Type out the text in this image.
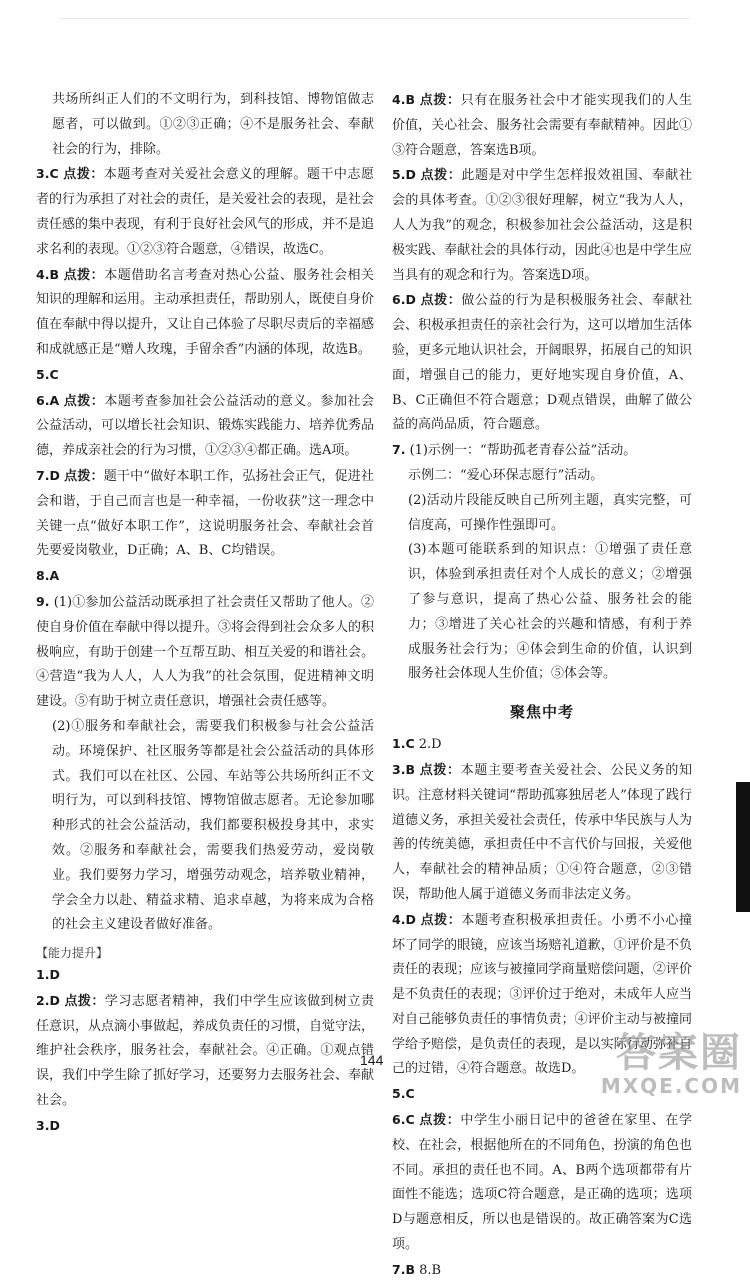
共场所纠正人们的不文明行为，到科技馆、博物馆做志愿者，可以做到。①②③正确；④不是服务社会、奉献社会的行为，排除。

3.C 点拨：本题考查对关爱社会意义的理解。题干中志愿者的行为承担了对社会的责任，是关爱社会的表现，是社会责任感的集中表现，有利于良好社会风气的形成，并不是追求名利的表现。①②③符合题意，④错误，故选C。

4.B 点拨：本题借助名言考查对热心公益、服务社会相关知识的理解和运用。主动承担责任，帮助别人，既使自身价值在奉献中得以提升，又让自己体验了尽职尽责后的幸福感和成就感正是“赠人玫瑰，手留余香”内涵的体现，故选B。

5.C

6.A 点拨：本题考查参加社会公益活动的意义。参加社会公益活动，可以增长社会知识、锻炼实践能力、培养优秀品德，养成亲社会的行为习惯，①②③④都正确。选A项。

7.D 点拨：题干中“做好本职工作，弘扬社会正气，促进社会和谐，于自己而言也是一种幸福，一份收获”这一理念中关键一点“做好本职工作”，这说明服务社会、奉献社会首先要爱岗敬业，D正确；A、B、C均错误。

8.A

9. (1)①参加公益活动既承担了社会责任又帮助了他人。②使自身价值在奉献中得以提升。③将会得到社会众多人的积极响应，有助于创建一个互帮互助、相互关爱的和谐社会。④营造“我为人人，人人为我”的社会氛围，促进精神文明建设。⑤有助于树立责任意识，增强社会责任感等。

(2)①服务和奉献社会，需要我们积极参与社会公益活动。环境保护、社区服务等都是社会公益活动的具体形式。我们可以在社区、公园、车站等公共场所纠正不文明行为，可以到科技馆、博物馆做志愿者。无论参加哪种形式的社会公益活动，我们都要积极投身其中，求实效。②服务和奉献社会，需要我们热爱劳动，爱岗敬业。我们要努力学习，增强劳动观念，培养敬业精神，学会全力以赴、精益求精、追求卓越，为将来成为合格的社会主义建设者做好准备。

【能力提升】

1.D

2.D 点拨：学习志愿者精神，我们中学生应该做到树立责任意识，从点滴小事做起，养成负责任的习惯，自觉守法，维护社会秩序，服务社会，奉献社会。④正确。①观点错误，我们中学生除了抓好学习，还要努力去服务社会、奉献社会。

3.D

4.B 点拨：只有在服务社会中才能实现我们的人生价值，关心社会、服务社会需要有奉献精神。因此①③符合题意，答案选B项。

5.D 点拨：此题是对中学生怎样报效祖国、奉献社会的具体考查。①②③很好理解，树立“我为人人，人人为我”的观念，积极参加社会公益活动，这是积极实践、奉献社会的具体行动，因此④也是中学生应当具有的观念和行为。答案选D项。

6.D 点拨：做公益的行为是积极服务社会、奉献社会、积极承担责任的亲社会行为，这可以增加生活体验，更多元地认识社会，开阔眼界，拓展自己的知识面，增强自己的能力，更好地实现自身价值，A、B、C正确但不符合题意；D观点错误，曲解了做公益的高尚品质，符合题意。

7. (1)示例一：“帮助孤老青春公益”活动。

示例二：“爱心环保志愿行”活动。

(2)活动片段能反映自己所列主题，真实完整，可信度高，可操作性强即可。

(3)本题可能联系到的知识点：①增强了责任意识，体验到承担责任对个人成长的意义；②增强了参与意识，提高了热心公益、服务社会的能力；③增进了关心社会的兴趣和情感，有利于养成服务社会行为；④体会到生命的价值，认识到服务社会体现人生价值；⑤体会等。

聚焦中考

1.C 2.D

3.B 点拨：本题主要考查关爱社会、公民义务的知识。注意材料关键词“帮助孤寡独居老人”体现了践行道德义务，承担关爱社会责任，传承中华民族与人为善的传统美德，承担责任中不言代价与回报，关爱他人，奉献社会的精神品质；①④符合题意，②③错误，帮助他人属于道德义务而非法定义务。

4.D 点拨：本题考查积极承担责任。小勇不小心撞坏了同学的眼镜，应该当场赔礼道歉，①评价是不负责任的表现；应该与被撞同学商量赔偿问题，②评价是不负责任的表现；③评价过于绝对，未成年人应当对自己能够负责任的事情负责；④评价主动与被撞同学给予赔偿，是负责任的表现，是以实际行动弥补自己的过错，④符合题意。故选D。

5.C

6.C 点拨：中学生小丽日记中的爸爸在家里、在学校、在社会，根据他所在的不同角色，扮演的角色也不同。承担的责任也不同。A、B两个选项都带有片面性不能选；选项C符合题意，是正确的选项；选项D与题意相反，所以也是错误的。故正确答案为C选项。

7.B 8.B

144	答案圈
MXQE.COM
